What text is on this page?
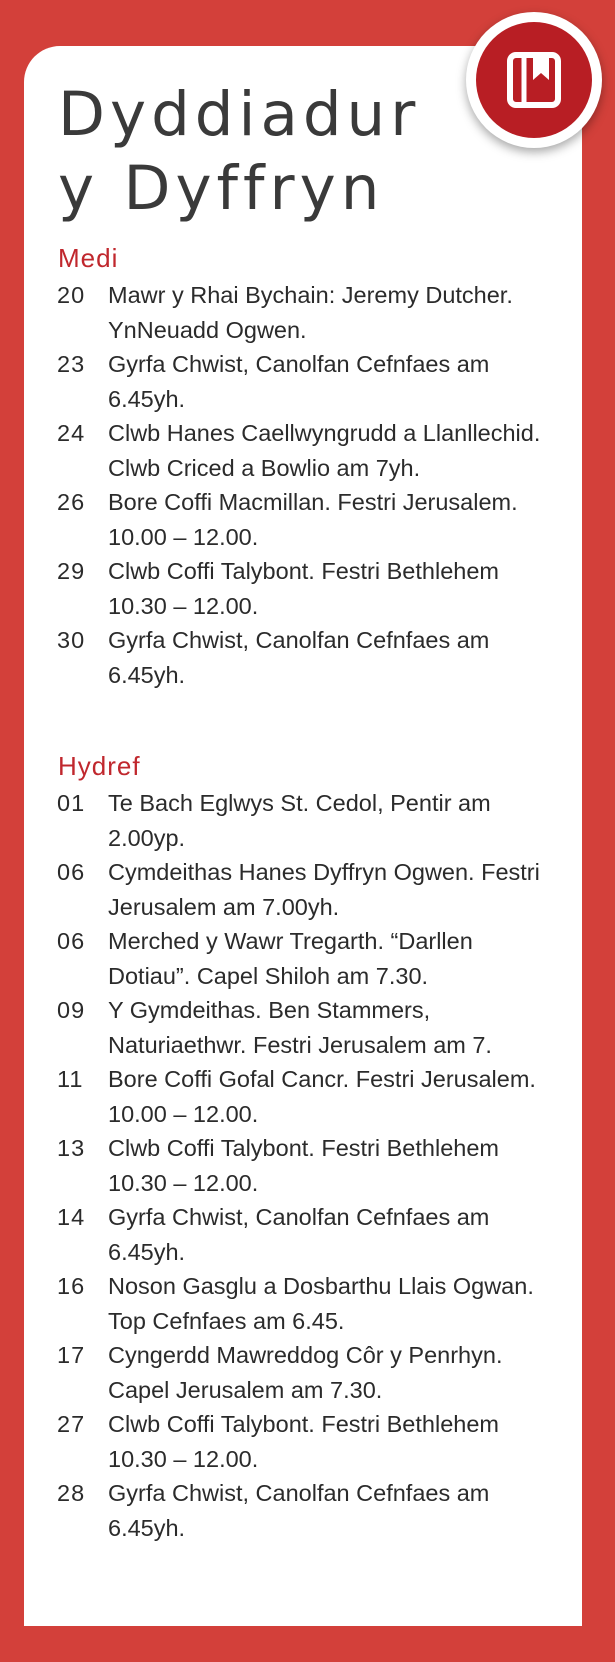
Dyddiadur
y Dyffryn
Medi
20 Mawr y Rhai Bychain: Jeremy Dutcher. YnNeuadd Ogwen.
23 Gyrfa Chwist, Canolfan Cefnfaes am 6.45yh.
24 Clwb Hanes Caellwyngrudd a Llanllechid. Clwb Criced a Bowlio am 7yh.
26 Bore Coffi Macmillan. Festri Jerusalem. 10.00 – 12.00.
29 Clwb Coffi Talybont. Festri Bethlehem 10.30 – 12.00.
30 Gyrfa Chwist, Canolfan Cefnfaes am 6.45yh.
Hydref
01 Te Bach Eglwys St. Cedol, Pentir am 2.00yp.
06 Cymdeithas Hanes Dyffryn Ogwen. Festri Jerusalem am 7.00yh.
06 Merched y Wawr Tregarth. “Darllen Dotiau”. Capel Shiloh am 7.30.
09 Y Gymdeithas. Ben Stammers, Naturiaethwr. Festri Jerusalem am 7.
11 Bore Coffi Gofal Cancr. Festri Jerusalem. 10.00 – 12.00.
13 Clwb Coffi Talybont. Festri Bethlehem 10.30 – 12.00.
14 Gyrfa Chwist, Canolfan Cefnfaes am 6.45yh.
16 Noson Gasglu a Dosbarthu Llais Ogwan. Top Cefnfaes am 6.45.
17 Cyngerdd Mawreddog Côr y Penrhyn. Capel Jerusalem am 7.30.
27 Clwb Coffi Talybont. Festri Bethlehem 10.30 – 12.00.
28 Gyrfa Chwist, Canolfan Cefnfaes am 6.45yh.
